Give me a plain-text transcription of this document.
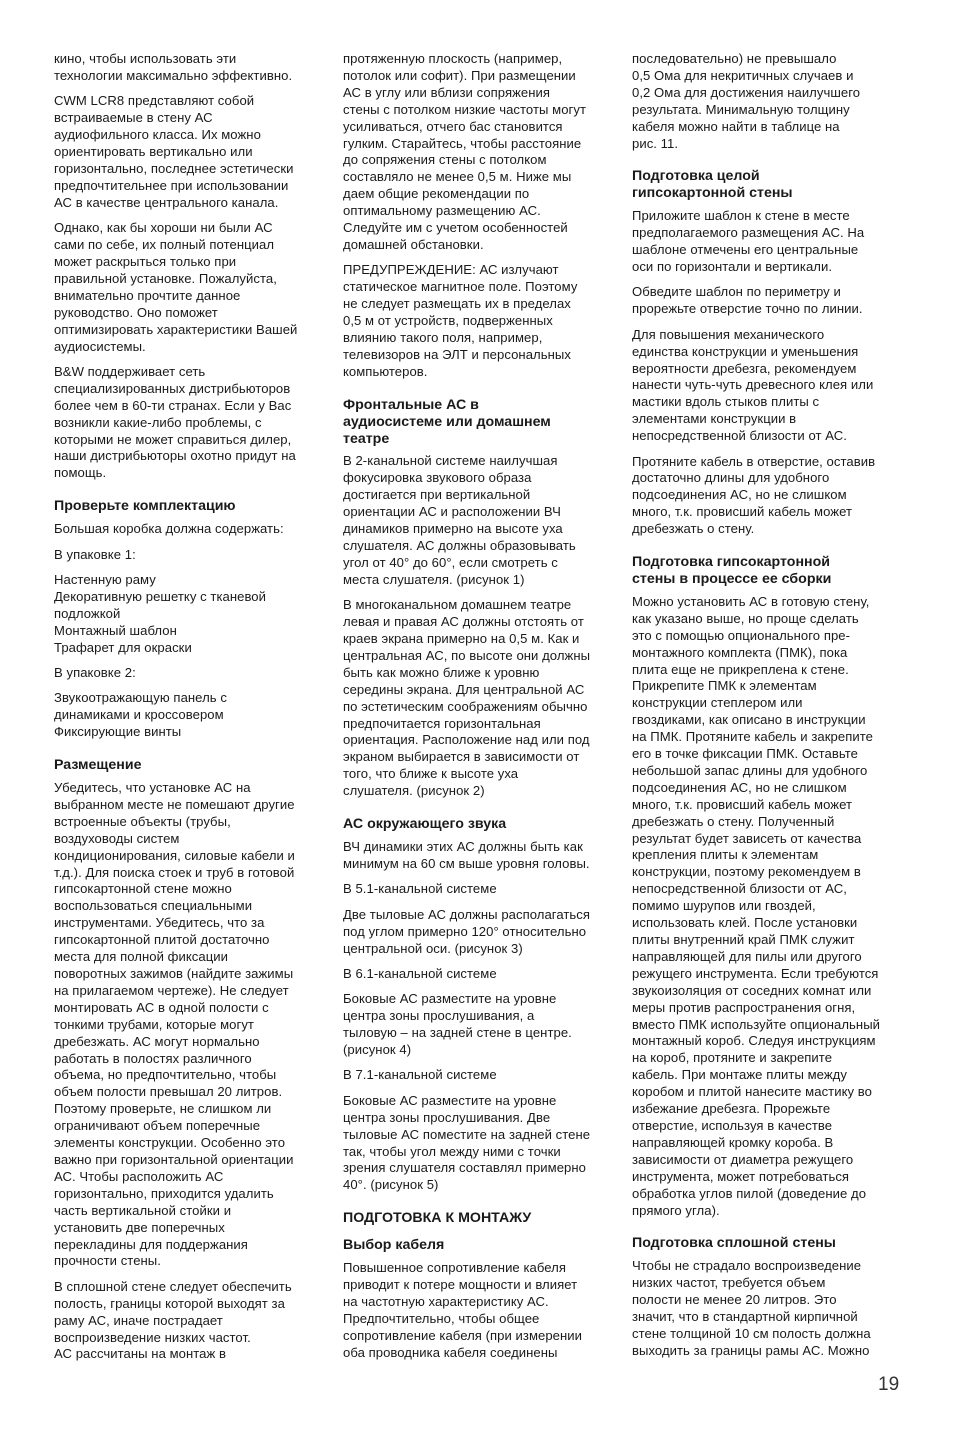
кино, чтобы использовать эти
технологии максимально эффективно.

CWM LCR8 представляют собой
встраиваемые в стену АС
аудиофильного класса. Их можно
ориентировать вертикально или
горизонтально, последнее эстетически
предпочтительнее при использовании
АС в качестве центрального канала.

Однако, как бы хороши ни были АС
сами по себе, их полный потенциал
может раскрыться только при
правильной установке. Пожалуйста,
внимательно прочтите данное
руководство. Оно поможет
оптимизировать характеристики Вашей
аудиосистемы.

B&W поддерживает сеть
специализированных дистрибьюторов
более чем в 60-ти странах. Если у Вас
возникли какие-либо проблемы, с
которыми не может справиться дилер,
наши дистрибьюторы охотно придут на
помощь.

Проверьте комплектацию

Большая коробка должна содержать:

В упаковке 1:

Настенную раму
Декоративную решетку с тканевой
подложкой
Монтажный шаблон
Трафарет для окраски

В упаковке 2:

Звукоотражающую панель с
динамиками и кроссовером
Фиксирующие винты

Размещение

Убедитесь, что установке АС на
выбранном месте не помешают другие
встроенные объекты (трубы,
воздуховоды систем
кондиционирования, силовые кабели и
т.д.). Для поиска стоек и труб в готовой
гипсокартонной стене можно
воспользоваться специальными
инструментами. Убедитесь, что за
гипсокартонной плитой достаточно
места для полной фиксации
поворотных зажимов (найдите зажимы
на прилагаемом чертеже). Не следует
монтировать АС в одной полости с
тонкими трубами, которые могут
дребезжать. АС могут нормально
работать в полостях различного
объема, но предпочтительно, чтобы
объем полости превышал 20 литров.
Поэтому проверьте, не слишком ли
ограничивают объем поперечные
элементы конструкции. Особенно это
важно при горизонтальной ориентации
АС. Чтобы расположить АС
горизонтально, приходится удалить
часть вертикальной стойки и
установить две поперечных
перекладины для поддержания
прочности стены.

В сплошной стене следует обеспечить
полость, границы которой выходят за
раму АС, иначе пострадает
воспроизведение низких частот.
АС рассчитаны на монтаж в

протяженную плоскость (например,
потолок или софит). При размещении
АС в углу или вблизи сопряжения
стены с потолком низкие частоты могут
усиливаться, отчего бас становится
гулким. Старайтесь, чтобы расстояние
до сопряжения стены с потолком
составляло не менее 0,5 м. Ниже мы
даем общие рекомендации по
оптимальному размещению АС.
Следуйте им с учетом особенностей
домашней обстановки.

ПРЕДУПРЕЖДЕНИЕ: АС излучают
статическое магнитное поле. Поэтому
не следует размещать их в пределах
0,5 м от устройств, подверженных
влиянию такого поля, например,
телевизоров на ЭЛТ и персональных
компьютеров.

Фронтальные АС в
аудиосистеме или домашнем
театре

В 2-канальной системе наилучшая
фокусировка звукового образа
достигается при вертикальной
ориентации АС и расположении ВЧ
динамиков примерно на высоте уха
слушателя. АС должны образовывать
угол от 40° до 60°, если смотреть с
места слушателя. (рисунок 1)

В многоканальном домашнем театре
левая и правая АС должны отстоять от
краев экрана примерно на 0,5 м. Как и
центральная АС, по высоте они должны
быть как можно ближе к уровню
середины экрана. Для центральной АС
по эстетическим соображениям обычно
предпочитается горизонтальная
ориентация. Расположение над или под
экраном выбирается в зависимости от
того, что ближе к высоте уха
слушателя. (рисунок 2)

АС окружающего звука

ВЧ динамики этих АС должны быть как
минимум на 60 см выше уровня головы.

В 5.1-канальной системе

Две тыловые АС должны располагаться
под углом примерно 120° относительно
центральной оси. (рисунок 3)

В 6.1-канальной системе

Боковые АС разместите на уровне
центра зоны прослушивания, а
тыловую – на задней стене в центре.
(рисунок 4)

В 7.1-канальной системе

Боковые АС разместите на уровне
центра зоны прослушивания. Две
тыловые АС поместите на задней стене
так, чтобы угол между ними с точки
зрения слушателя составлял примерно
40°. (рисунок 5)

ПОДГОТОВКА К МОНТАЖУ
Выбор кабеля

Повышенное сопротивление кабеля
приводит к потере мощности и влияет
на частотную характеристику АС.
Предпочтительно, чтобы общее
сопротивление кабеля (при измерении
оба проводника кабеля соединены

последовательно) не превышало
0,5 Ома для некритичных случаев и
0,2 Ома для достижения наилучшего
результата. Минимальную толщину
кабеля можно найти в таблице на
рис. 11.

Подготовка целой
гипсокартонной стены

Приложите шаблон к стене в месте
предполагаемого размещения АС. На
шаблоне отмечены его центральные
оси по горизонтали и вертикали.

Обведите шаблон по периметру и
прорежьте отверстие точно по линии.

Для повышения механического
единства конструкции и уменьшения
вероятности дребезга, рекомендуем
нанести чуть-чуть древесного клея или
мастики вдоль стыков плиты с
элементами конструкции в
непосредственной близости от АС.

Протяните кабель в отверстие, оставив
достаточно длины для удобного
подсоединения АС, но не слишком
много, т.к. провисший кабель может
дребезжать о стену.

Подготовка гипсокартонной
стены в процессе ее сборки

Можно установить АС в готовую стену,
как указано выше, но проще сделать
это с помощью опционального пре-
монтажного комплекта (ПМК), пока
плита еще не прикреплена к стене.
Прикрепите ПМК к элементам
конструкции степлером или
гвоздиками, как описано в инструкции
на ПМК. Протяните кабель и закрепите
его в точке фиксации ПМК. Оставьте
небольшой запас длины для удобного
подсоединения АС, но не слишком
много, т.к. провисший кабель может
дребезжать о стену. Полученный
результат будет зависеть от качества
крепления плиты к элементам
конструкции, поэтому рекомендуем в
непосредственной близости от АС,
помимо шурупов или гвоздей,
использовать клей. После установки
плиты внутренний край ПМК служит
направляющей для пилы или другого
режущего инструмента. Если требуются
звукоизоляция от соседних комнат или
меры против распространения огня,
вместо ПМК используйте опциональный
монтажный короб. Следуя инструкциям
на короб, протяните и закрепите
кабель. При монтаже плиты между
коробом и плитой нанесите мастику во
избежание дребезга. Прорежьте
отверстие, используя в качестве
направляющей кромку короба. В
зависимости от диаметра режущего
инструмента, может потребоваться
обработка углов пилой (доведение до
прямого угла).

Подготовка сплошной стены

Чтобы не страдало воспроизведение
низких частот, требуется объем
полости не менее 20 литров. Это
значит, что в стандартной кирпичной
стене толщиной 10 см полость должна
выходить за границы рамы АС. Можно

19
